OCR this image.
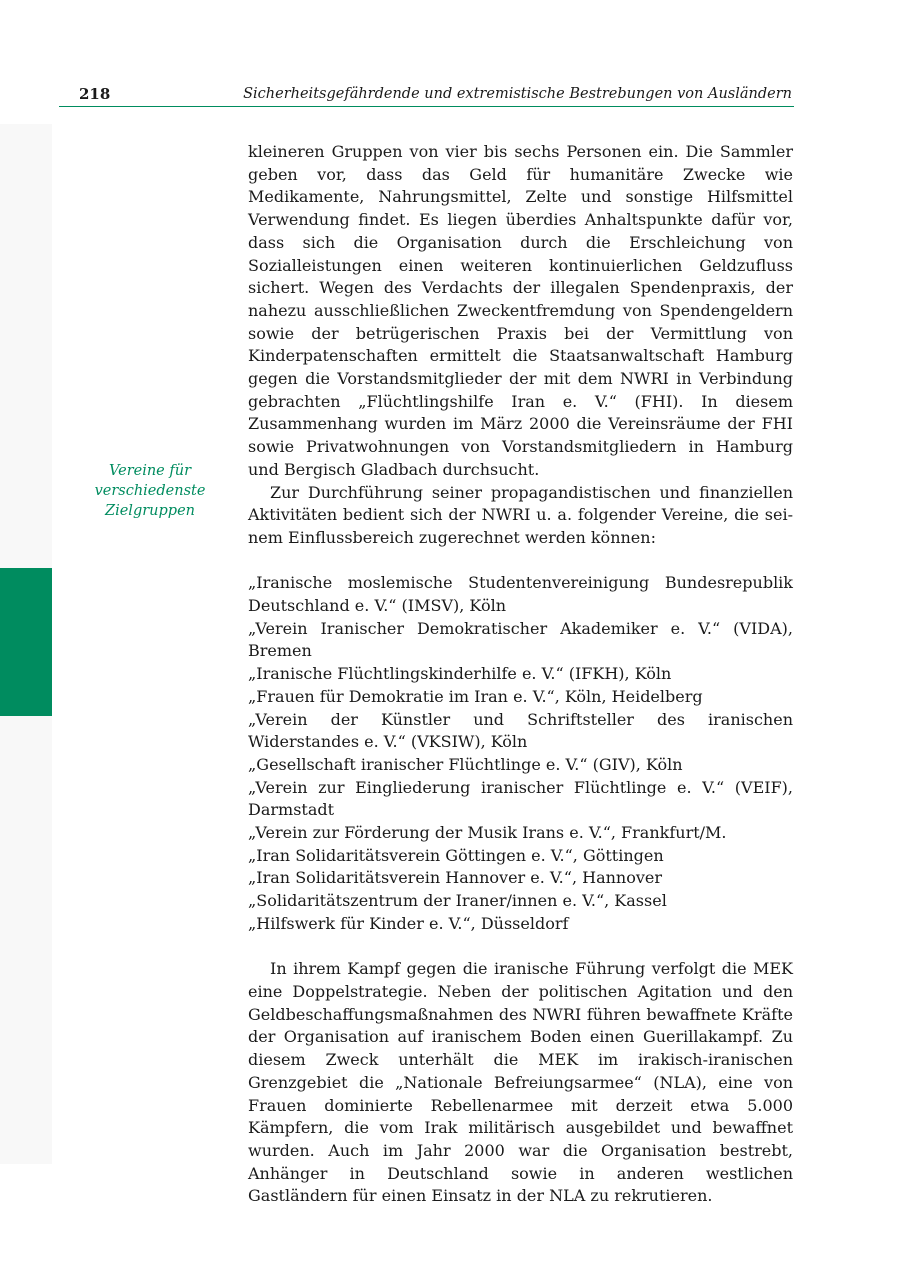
218	Sicherheitsgefährdende und extremistische Bestrebungen von Ausländern
Vereine für
verschiedenste
Zielgruppen

kleineren Gruppen von vier bis sechs Personen ein. Die Sammler geben vor, dass das Geld für humanitäre Zwecke wie Medikamente, Nahrungsmittel, Zelte und sonstige Hilfsmittel Verwendung findet. Es liegen überdies Anhaltspunkte dafür vor, dass sich die Organisation durch die Erschleichung von Sozialleistungen einen weiteren kontinuierlichen Geldzufluss sichert. Wegen des Verdachts der illegalen Spendenpraxis, der nahezu ausschließlichen Zweckentfremdung von Spendengeldern sowie der betrügerischen Praxis bei der Vermittlung von Kinderpatenschaften ermittelt die Staatsanwaltschaft Hamburg gegen die Vorstandsmitglieder der mit dem NWRI in Verbindung gebrachten „Flüchtlingshilfe Iran e. V.“ (FHI). In diesem Zusammenhang wurden im März 2000 die Vereinsräume der FHI sowie Privatwohnungen von Vorstandsmitgliedern in Hamburg und Bergisch Gladbach durchsucht.

Zur Durchführung seiner propagandistischen und finanziellen Aktivitäten bedient sich der NWRI u. a. folgender Vereine, die seinem Einflussbereich zugerechnet werden können:

„Iranische moslemische Studentenvereinigung Bundesrepublik Deutschland e. V.“ (IMSV), Köln
„Verein Iranischer Demokratischer Akademiker e. V.“ (VIDA), Bremen
„Iranische Flüchtlingskinderhilfe e. V.“ (IFKH), Köln
„Frauen für Demokratie im Iran e. V.“, Köln, Heidelberg
„Verein der Künstler und Schriftsteller des iranischen Widerstandes e. V.“ (VKSIW), Köln
„Gesellschaft iranischer Flüchtlinge e. V.“ (GIV), Köln
„Verein zur Eingliederung iranischer Flüchtlinge e. V.“ (VEIF), Darmstadt
„Verein zur Förderung der Musik Irans e. V.“, Frankfurt/M.
„Iran Solidaritätsverein Göttingen e. V.“, Göttingen
„Iran Solidaritätsverein Hannover e. V.“, Hannover
„Solidaritätszentrum der Iraner/innen e. V.“, Kassel
„Hilfswerk für Kinder e. V.“, Düsseldorf

In ihrem Kampf gegen die iranische Führung verfolgt die MEK eine Doppelstrategie. Neben der politischen Agitation und den Geldbeschaffungsmaßnahmen des NWRI führen bewaffnete Kräfte der Organisation auf iranischem Boden einen Guerillakampf. Zu diesem Zweck unterhält die MEK im irakisch-iranischen Grenzgebiet die „Nationale Befreiungsarmee“ (NLA), eine von Frauen dominierte Rebellenarmee mit derzeit etwa 5.000 Kämpfern, die vom Irak militärisch ausgebildet und bewaffnet wurden. Auch im Jahr 2000 war die Organisation bestrebt, Anhänger in Deutschland sowie in anderen westlichen Gastländern für einen Einsatz in der NLA zu rekrutieren.
